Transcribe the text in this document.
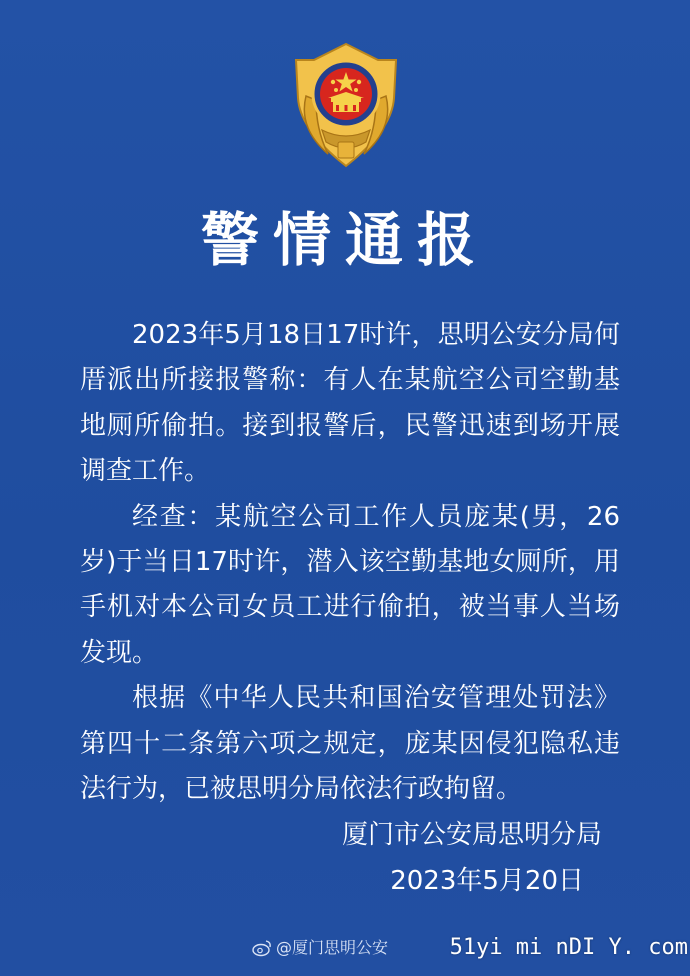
警情通报

2023年5月18日17时许，思明公安分局何厝派出所接报警称：有人在某航空公司空勤基地厕所偷拍。接到报警后，民警迅速到场开展调查工作。

经查：某航空公司工作人员庞某(男，26岁)于当日17时许，潜入该空勤基地女厕所，用手机对本公司女员工进行偷拍，被当事人当场发现。

根据《中华人民共和国治安管理处罚法》第四十二条第六项之规定，庞某因侵犯隐私违法行为，已被思明分局依法行政拘留。

厦门市公安局思明分局
2023年5月20日
@厦门思明公安	51yi mi nDI Y. com
